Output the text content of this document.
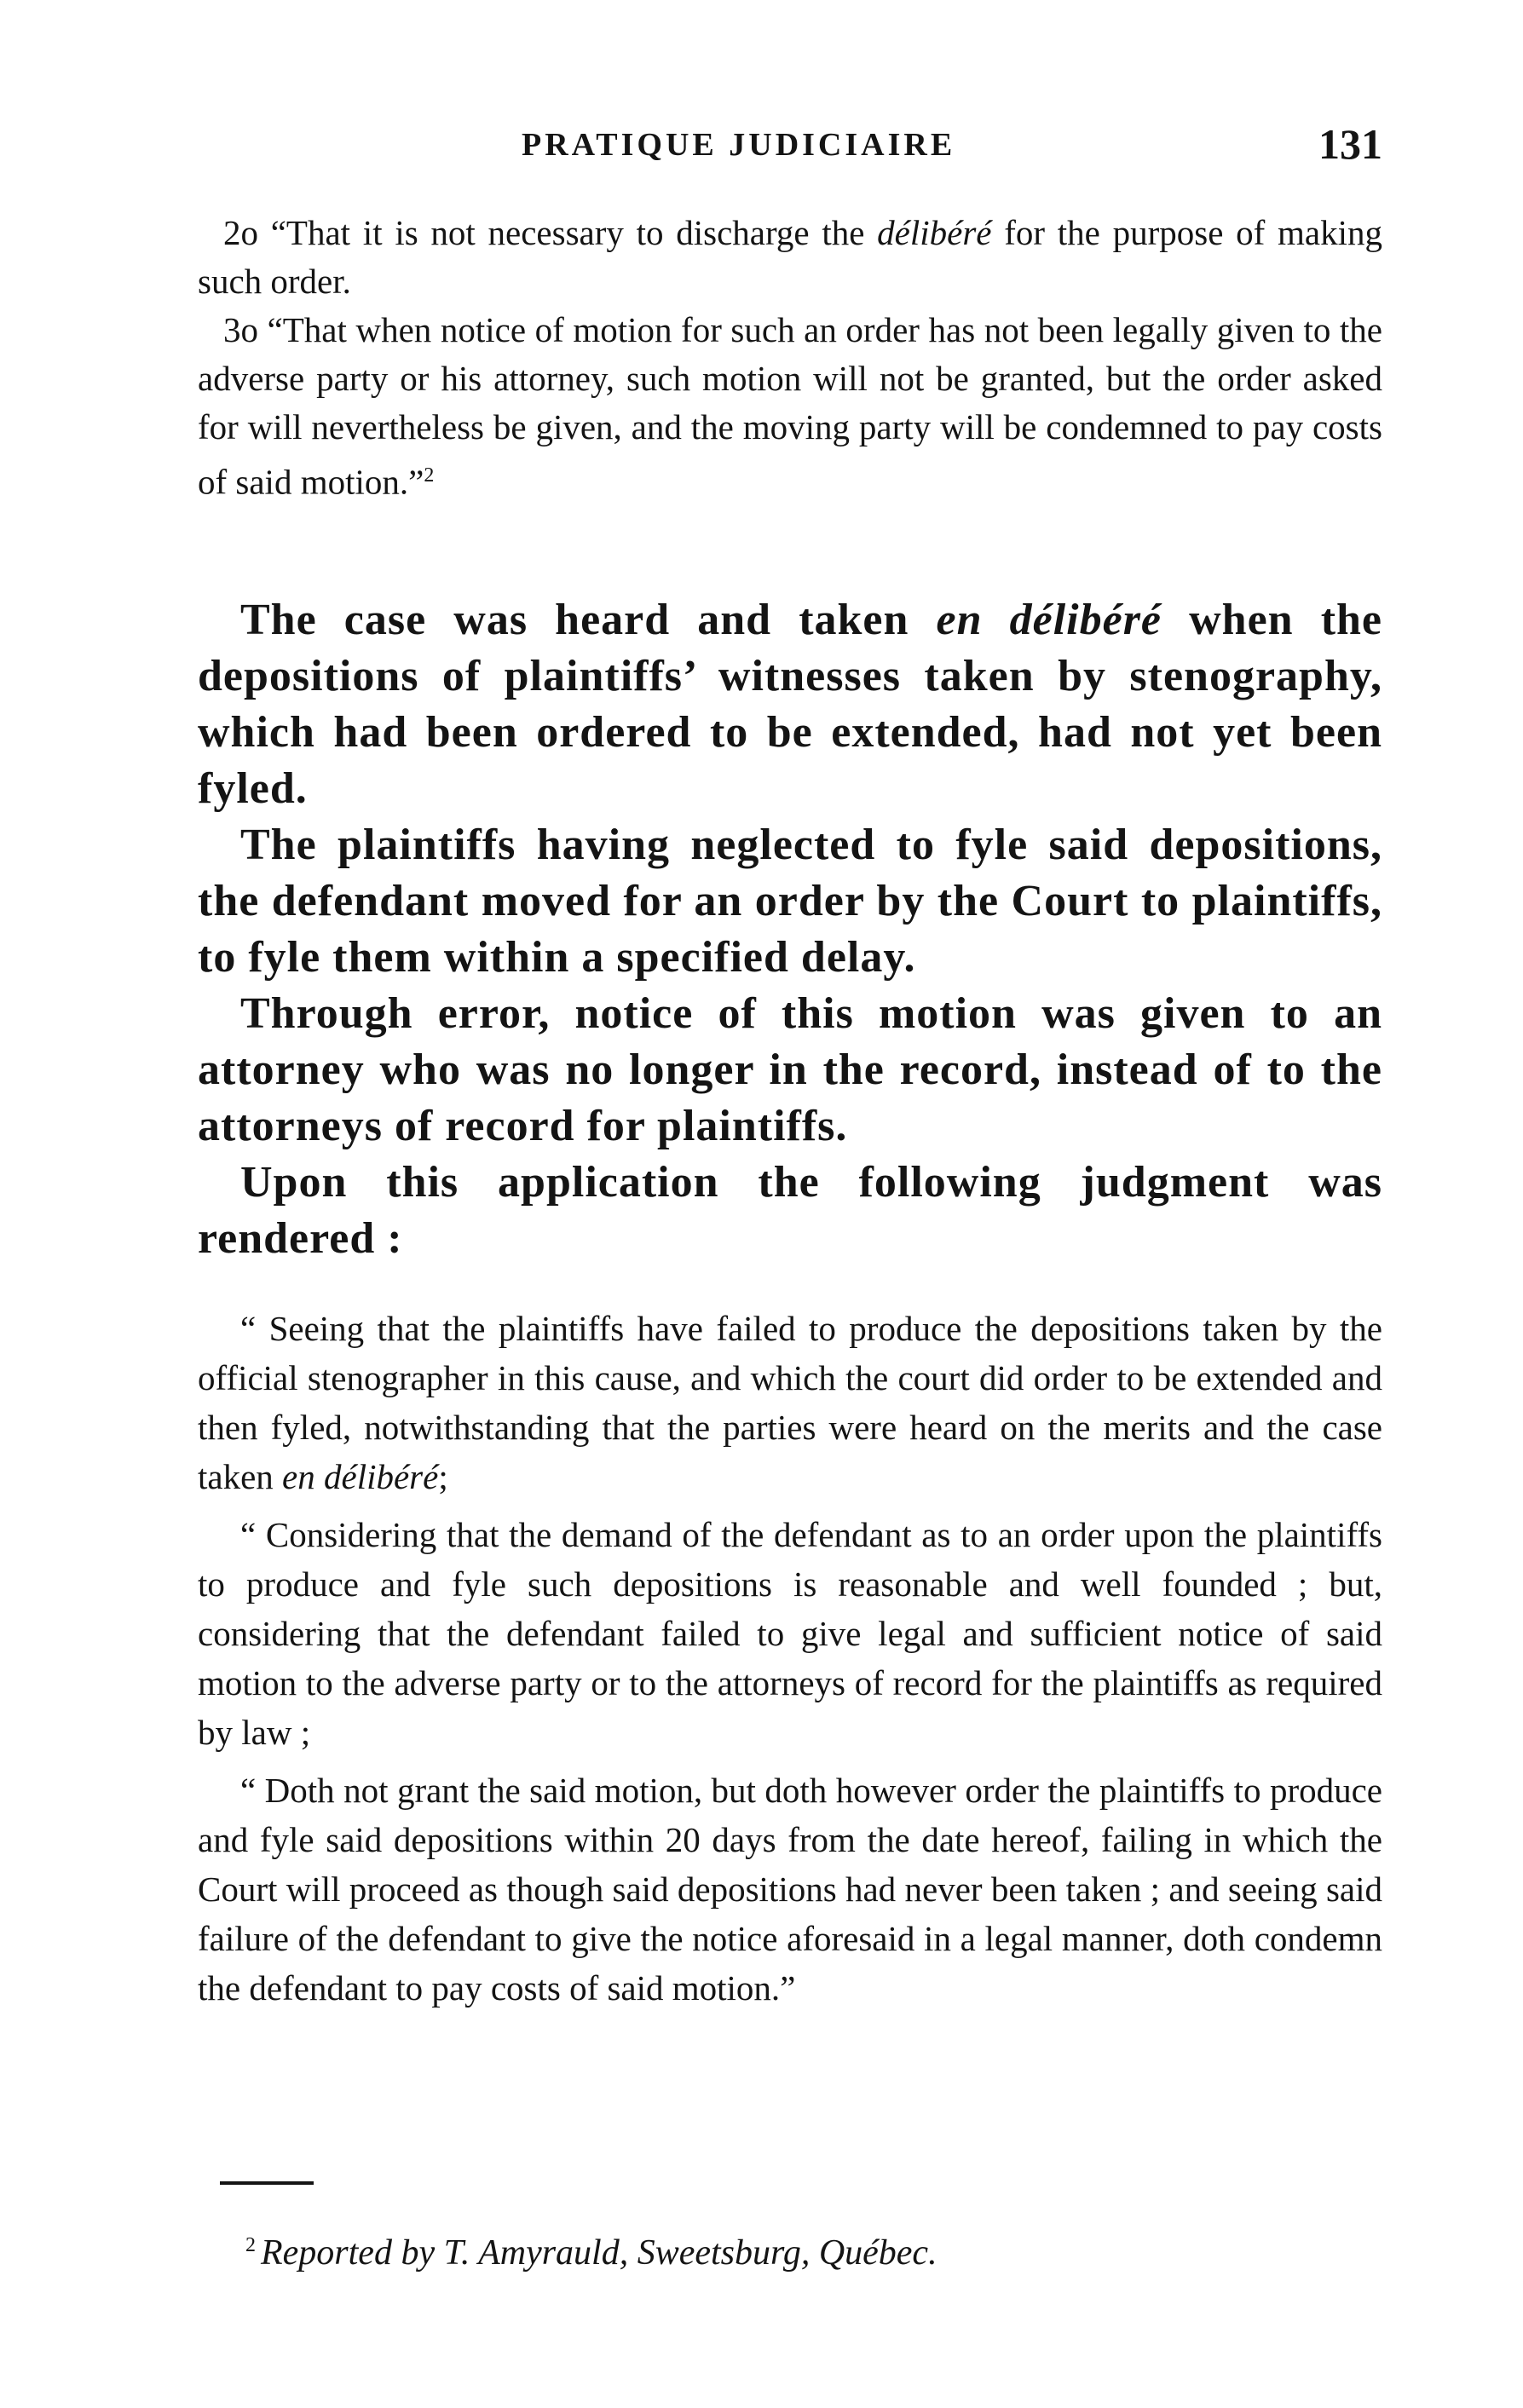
PRATIQUE JUDICIAIRE	131

2o “That it is not necessary to discharge the délibéré for the purpose of making such order.

3o “That when notice of motion for such an order has not been legally given to the adverse party or his attorney, such motion will not be granted, but the order asked for will nevertheless be given, and the moving party will be condemned to pay costs of said motion.”$^2$

The case was heard and taken en délibéré when the depositions of plaintiffs’ witnesses taken by stenography, which had been ordered to be extended, had not yet been fyled.

The plaintiffs having neglected to fyle said depositions, the defendant moved for an order by the Court to plaintiffs, to fyle them within a specified delay.

Through error, notice of this motion was given to an attorney who was no longer in the record, instead of to the attorneys of record for plaintiffs.

Upon this application the following judgment was rendered :

“ Seeing that the plaintiffs have failed to produce the depositions taken by the official stenographer in this cause, and which the court did order to be extended and then fyled, notwithstanding that the parties were heard on the merits and the case taken en délibéré;

“ Considering that the demand of the defendant as to an order upon the plaintiffs to produce and fyle such depositions is reasonable and well founded ; but, considering that the defendant failed to give legal and sufficient notice of said motion to the adverse party or to the attorneys of record for the plaintiffs as required by law ;

“ Doth not grant the said motion, but doth however order the plaintiffs to produce and fyle said depositions within 20 days from the date hereof, failing in which the Court will proceed as though said depositions had never been taken ; and seeing said failure of the defendant to give the notice aforesaid in a legal manner, doth condemn the defendant to pay costs of said motion.”

$^2$ Reported by T. Amyrauld, Sweetsburg, Québec.
